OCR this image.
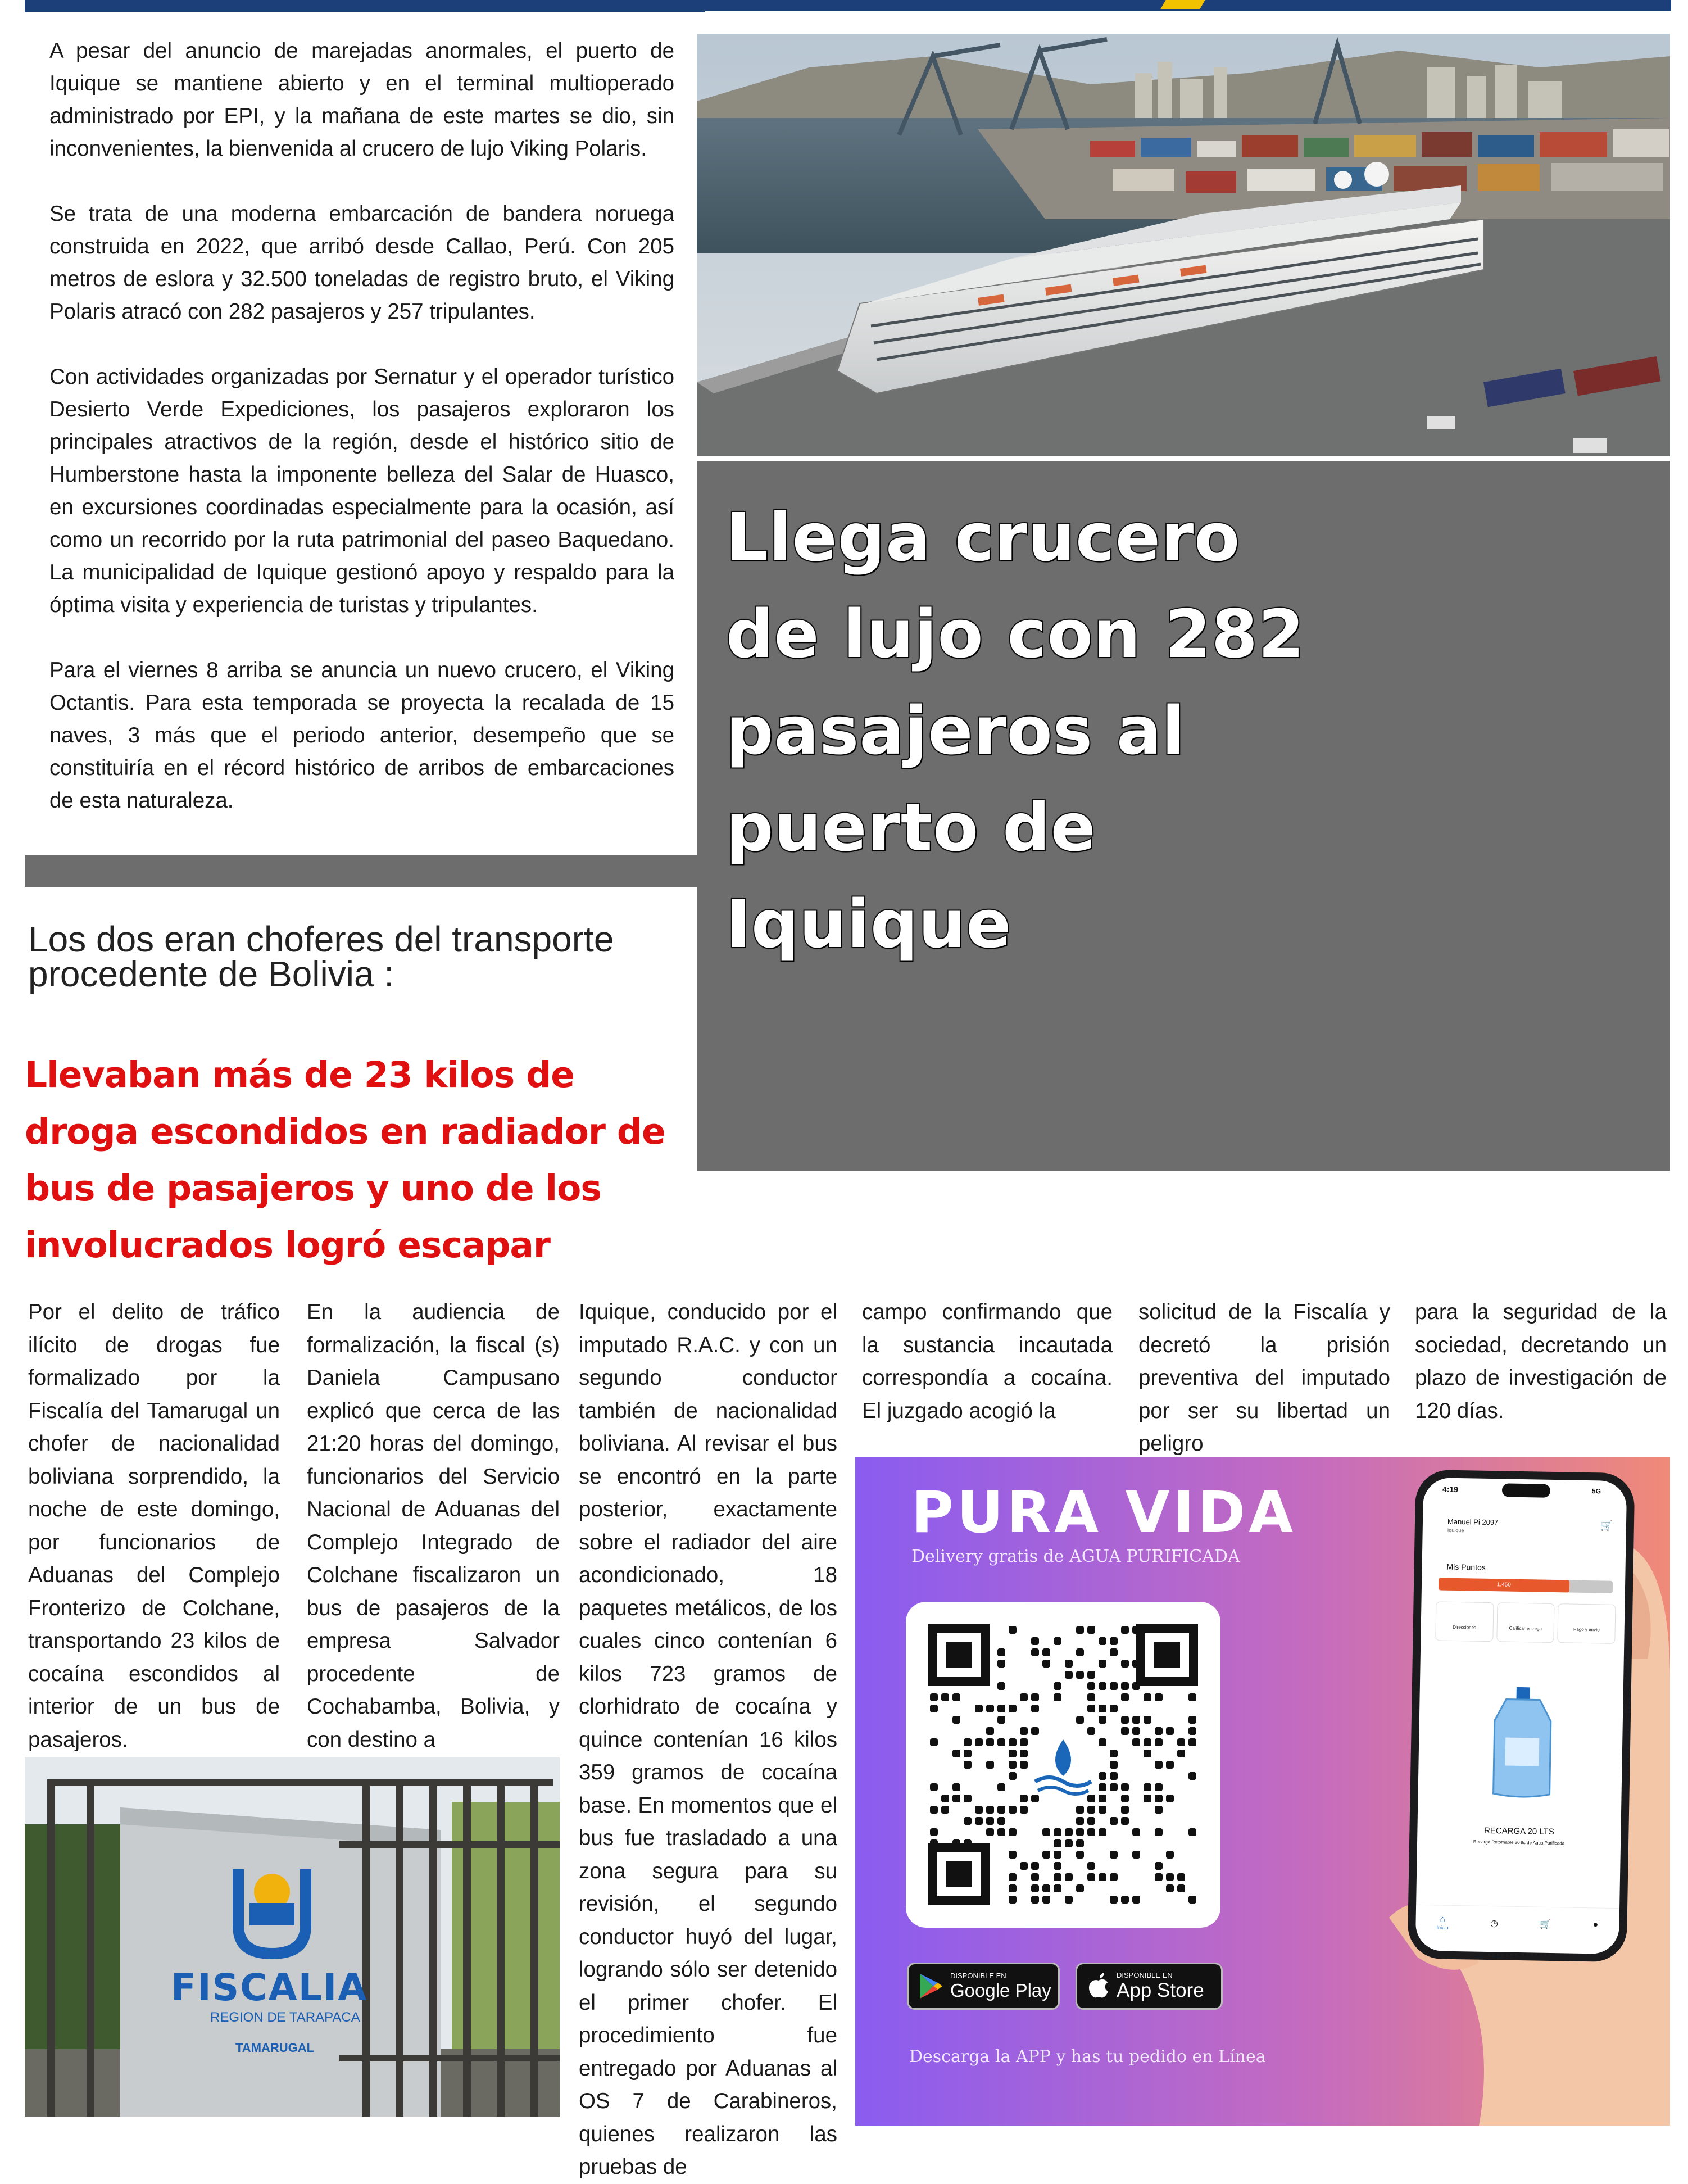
A pesar del anuncio de marejadas anormales, el puerto de Iquique se mantiene abierto y en el terminal multioperado administrado por EPI, y la mañana de este martes se dio, sin inconvenientes, la bienvenida al crucero de lujo Viking Polaris.

Se trata de una moderna embarcación de bandera noruega construida en 2022, que arribó desde Callao, Perú. Con 205 metros de eslora y 32.500 toneladas de registro bruto, el Viking Polaris atracó con 282 pasajeros y 257 tripulantes.

Con actividades organizadas por Sernatur y el operador turístico Desierto Verde Expediciones, los pasajeros exploraron los principales atractivos de la región, desde el histórico sitio de Humberstone hasta la imponente belleza del Salar de Huasco, en excursiones coordinadas especialmente para la ocasión, así como un recorrido por la ruta patrimonial del paseo Baquedano. La municipalidad de Iquique gestionó apoyo y respaldo para la óptima visita y experiencia de turistas y tripulantes.

Para el viernes 8 arriba se anuncia un nuevo crucero, el Viking Octantis. Para esta temporada se proyecta la recalada de 15 naves, 3 más que el periodo anterior, desempeño que se constituiría en el récord histórico de arribos de embarcaciones de esta naturaleza.

Llega crucero

de lujo con 282

pasajeros al

puerto de

Iquique

Los dos eran choferes del transporte procedente de Bolivia :

Llevaban más de 23 kilos de droga escondidos en radiador de bus de pasajeros y uno de los involucrados logró escapar

Por el delito de tráfico ilícito de drogas fue formalizado por la Fiscalía del Tamarugal un chofer de nacionalidad boliviana sorprendido, la noche de este domingo, por funcionarios de Aduanas del Complejo Fronterizo de Colchane, transportando 23 kilos de cocaína escondidos al interior de un bus de pasajeros.

En la audiencia de formalización, la fiscal (s) Daniela Campusano explicó que cerca de las 21:20 horas del domingo, funcionarios del Servicio Nacional de Aduanas del Complejo Integrado de Colchane fiscalizaron un bus de pasajeros de la empresa Salvador procedente de Cochabamba, Bolivia, y con destino a

Iquique, conducido por el imputado R.A.C. y con un segundo conductor también de nacionalidad boliviana. Al revisar el bus se encontró en la parte posterior, exactamente sobre el radiador del aire acondicionado, 18 paquetes metálicos, de los cuales cinco contenían 6 kilos 723 gramos de clorhidrato de cocaína y quince contenían 16 kilos 359 gramos de cocaína base. En momentos que el bus fue trasladado a una zona segura para su revisión, el segundo conductor huyó del lugar, logrando sólo ser detenido el primer chofer. El procedimiento fue entregado por Aduanas al OS 7 de Carabineros, quienes realizaron las pruebas de

campo confirmando que la sustancia incautada correspondía a cocaína. El juzgado acogió la

solicitud de la Fiscalía y decretó la prisión preventiva del imputado por ser su libertad un peligro

para la seguridad de la sociedad, decretando un plazo de investigación de 120 días.

FISCALIA
REGION DE TARAPACA
TAMARUGAL
PURA VIDA
Delivery gratis de AGUA PURIFICADA
DISPONIBLE EN
Google Play
DISPONIBLE EN
App Store
Descarga la APP y has tu pedido en Línea
4:19	5G
Manuel Pi 2097
Iquique	🛒
Mis Puntos
1.450
Direcciones	Calificar entrega	Pago y envío
RECARGA 20 LTS
Recarga Retornable 20 lts de Agua Purificada
⌂
Inicio	◷	🛒	●
